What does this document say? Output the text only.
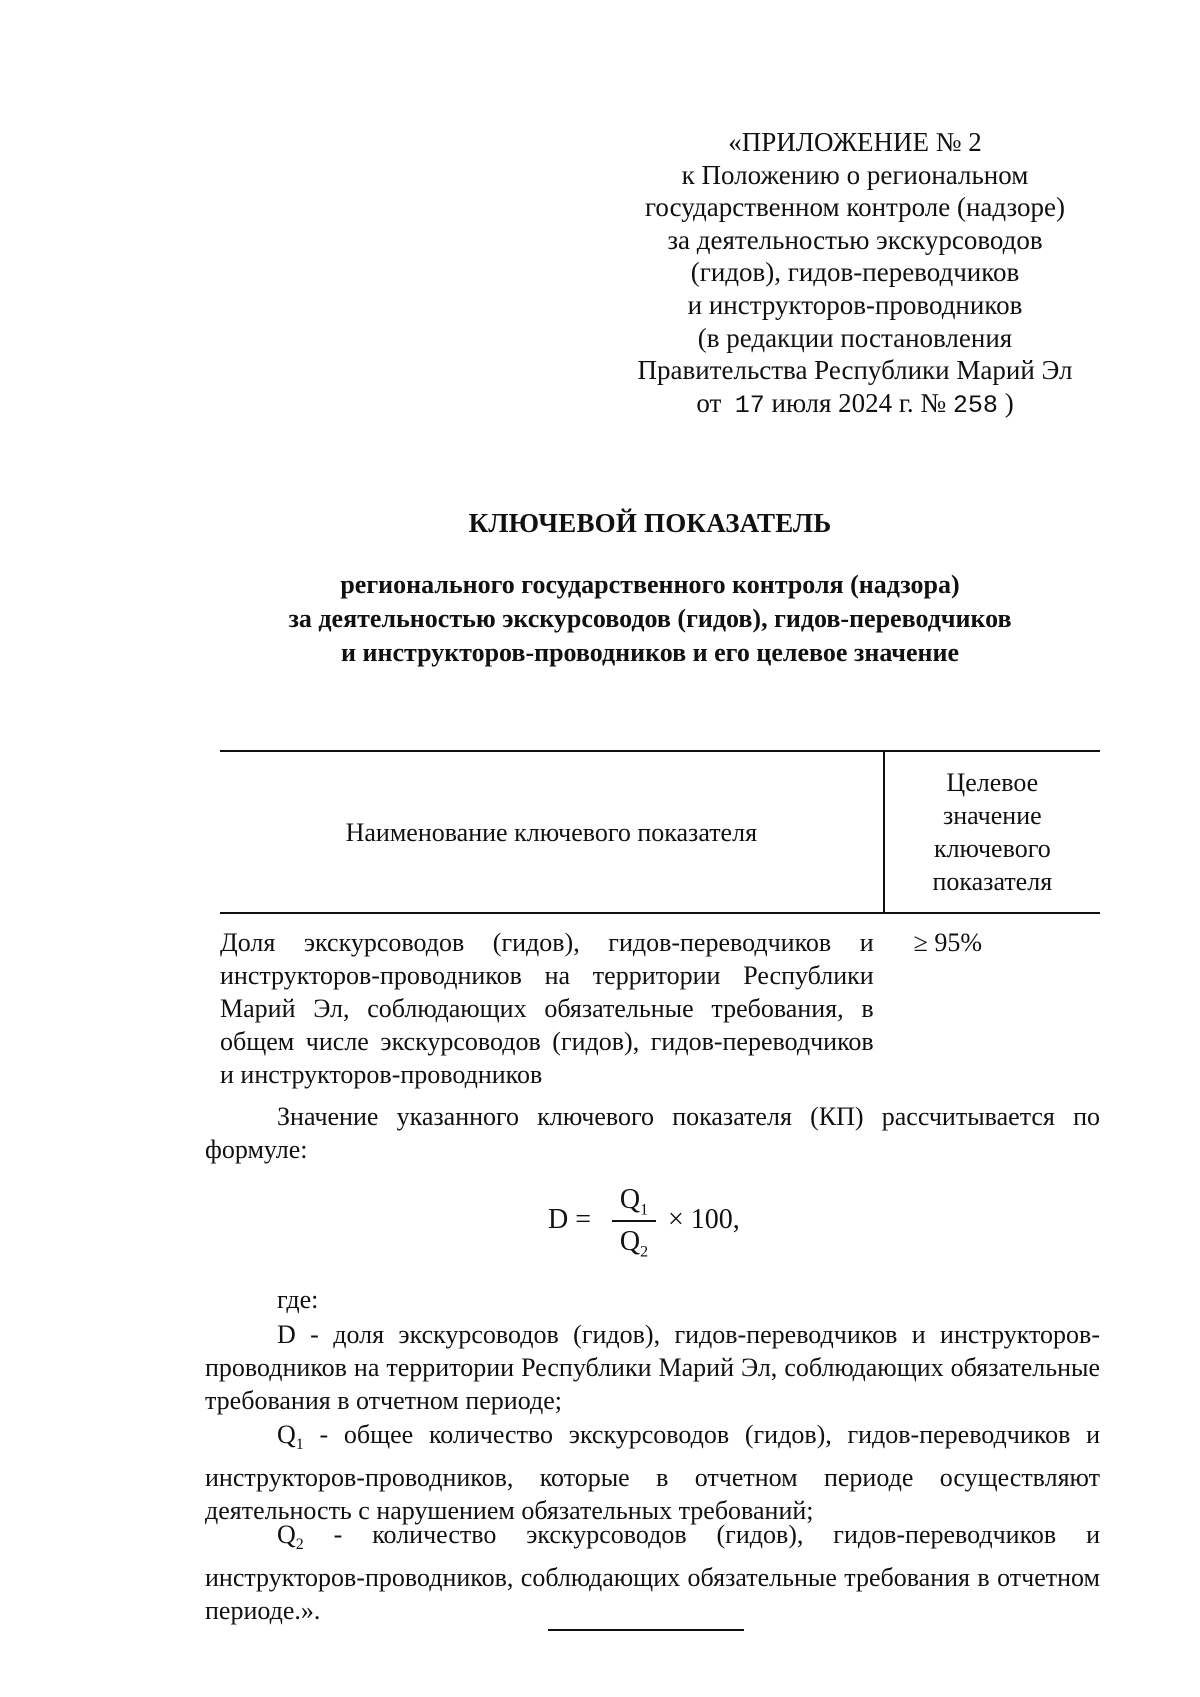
«ПРИЛОЖЕНИЕ № 2
к Положению о региональном
государственном контроле (надзоре)
за деятельностью экскурсоводов
(гидов), гидов-переводчиков
и инструкторов-проводников
(в редакции постановления
Правительства Республики Марий Эл
от 17 июля 2024 г. № 258 )
КЛЮЧЕВОЙ ПОКАЗАТЕЛЬ
регионального государственного контроля (надзора)
за деятельностью экскурсоводов (гидов), гидов-переводчиков
и инструкторов-проводников и его целевое значение
Наименование ключевого показателя	Целевое значение ключевого показателя
Доля экскурсоводов (гидов), гидов-переводчиков и инструкторов-проводников на территории Республики Марий Эл, соблюдающих обязательные требования, в общем числе экскурсоводов (гидов), гидов-переводчиков и инструкторов-проводников	≥ 95%
Значение указанного ключевого показателя (КП) рассчитывается по формуле:
D =
$Q_1$
$Q_2$
× 100,
где:
D - доля экскурсоводов (гидов), гидов-переводчиков и инструкторов-проводников на территории Республики Марий Эл, соблюдающих обязательные требования в отчетном периоде;
$Q_1$ - общее количество экскурсоводов (гидов), гидов-переводчиков и инструкторов-проводников, которые в отчетном периоде осуществляют деятельность с нарушением обязательных требований;
$Q_2$ - количество экскурсоводов (гидов), гидов-переводчиков и инструкторов-проводников, соблюдающих обязательные требования в отчетном периоде.».
